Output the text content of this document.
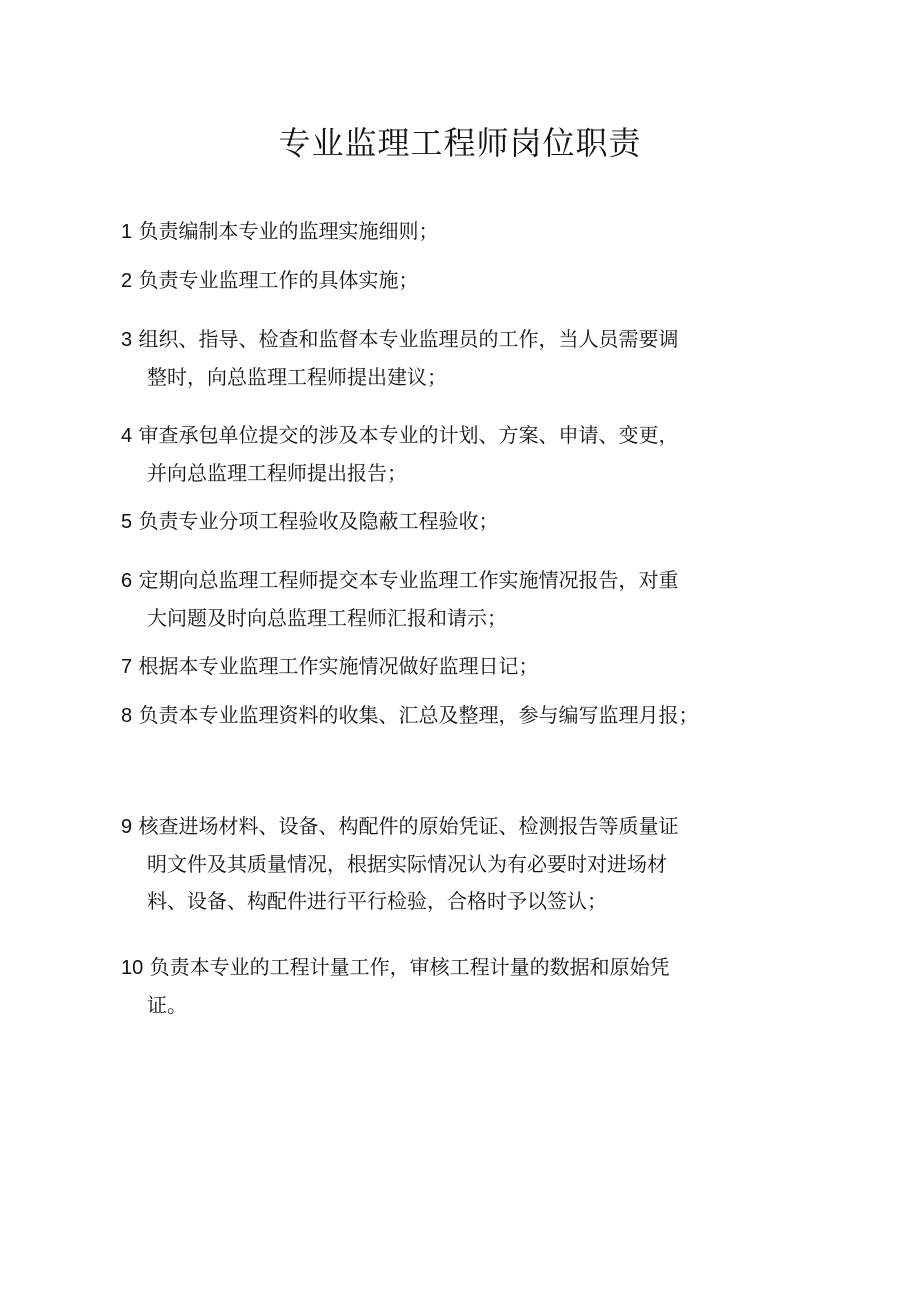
专业监理工程师岗位职责
1 负责编制本专业的监理实施细则；
2 负责专业监理工作的具体实施；
3 组织、指导、检查和监督本专业监理员的工作，当人员需要调
整时，向总监理工程师提出建议；
4 审查承包单位提交的涉及本专业的计划、方案、申请、变更，
并向总监理工程师提出报告；
5 负责专业分项工程验收及隐蔽工程验收；
6 定期向总监理工程师提交本专业监理工作实施情况报告，对重
大问题及时向总监理工程师汇报和请示；
7 根据本专业监理工作实施情况做好监理日记；
8 负责本专业监理资料的收集、汇总及整理，参与编写监理月报；
9 核查进场材料、设备、构配件的原始凭证、检测报告等质量证
明文件及其质量情况，根据实际情况认为有必要时对进场材
料、设备、构配件进行平行检验，合格时予以签认；
10 负责本专业的工程计量工作，审核工程计量的数据和原始凭
证。
